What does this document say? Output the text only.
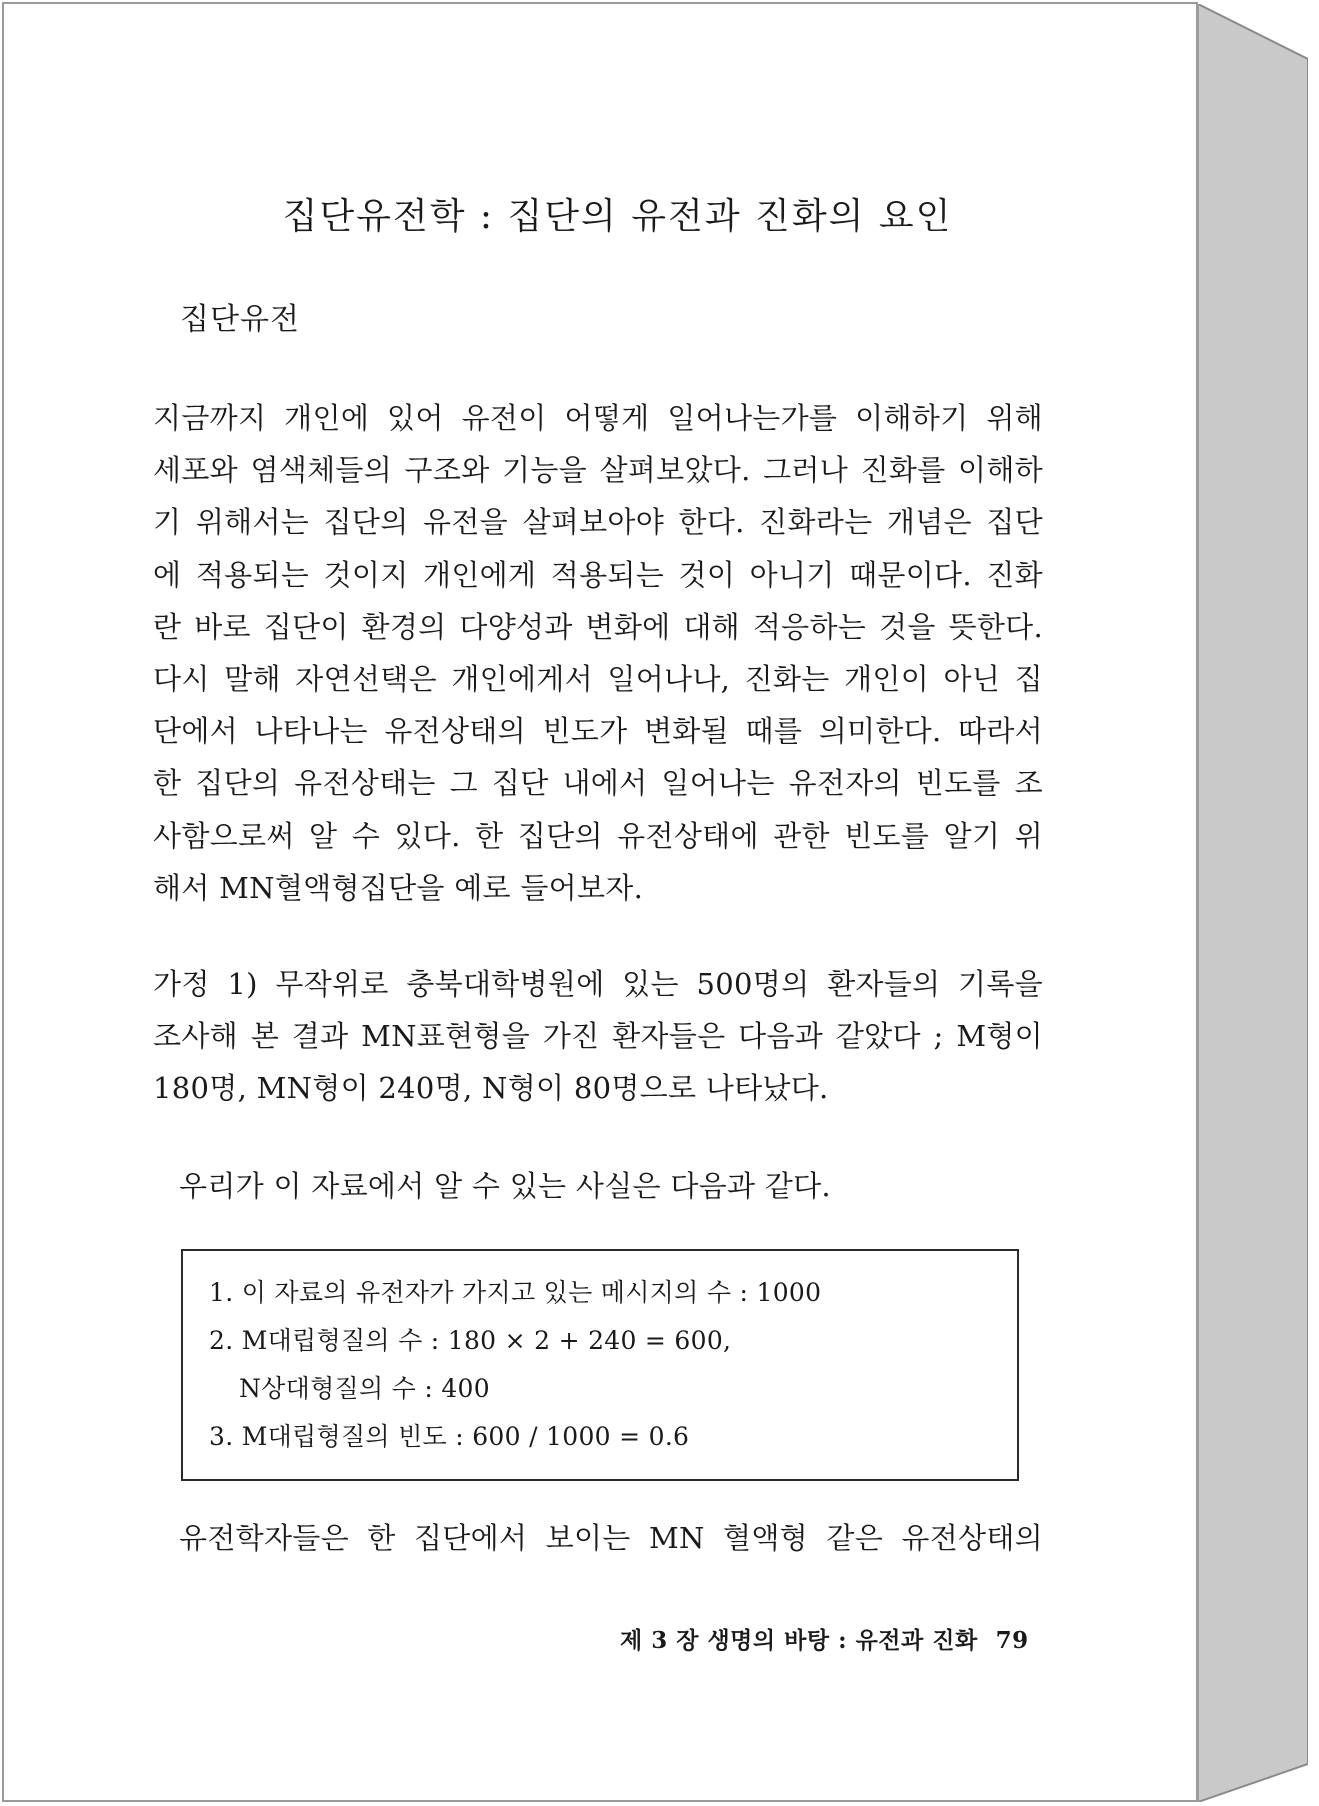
집단유전학 : 집단의 유전과 진화의 요인
집단유전
지금까지 개인에 있어 유전이 어떻게 일어나는가를 이해하기 위해
세포와 염색체들의 구조와 기능을 살펴보았다. 그러나 진화를 이해하
기 위해서는 집단의 유전을 살펴보아야 한다. 진화라는 개념은 집단
에 적용되는 것이지 개인에게 적용되는 것이 아니기 때문이다. 진화
란 바로 집단이 환경의 다양성과 변화에 대해 적응하는 것을 뜻한다.
다시 말해 자연선택은 개인에게서 일어나나, 진화는 개인이 아닌 집
단에서 나타나는 유전상태의 빈도가 변화될 때를 의미한다. 따라서
한 집단의 유전상태는 그 집단 내에서 일어나는 유전자의 빈도를 조
사함으로써 알 수 있다. 한 집단의 유전상태에 관한 빈도를 알기 위
해서 MN혈액형집단을 예로 들어보자.
가정 1) 무작위로 충북대학병원에 있는 500명의 환자들의 기록을
조사해 본 결과 MN표현형을 가진 환자들은 다음과 같았다 ; M형이
180명, MN형이 240명, N형이 80명으로 나타났다.
우리가 이 자료에서 알 수 있는 사실은 다음과 같다.
1. 이 자료의 유전자가 가지고 있는 메시지의 수 : 1000
2. M대립형질의 수 : 180 × 2 + 240 = 600,
N상대형질의 수 : 400
3. M대립형질의 빈도 : 600 / 1000 = 0.6
유전학자들은 한 집단에서 보이는 MN 혈액형 같은 유전상태의
제 3 장 생명의 바탕 : 유전과 진화 79
